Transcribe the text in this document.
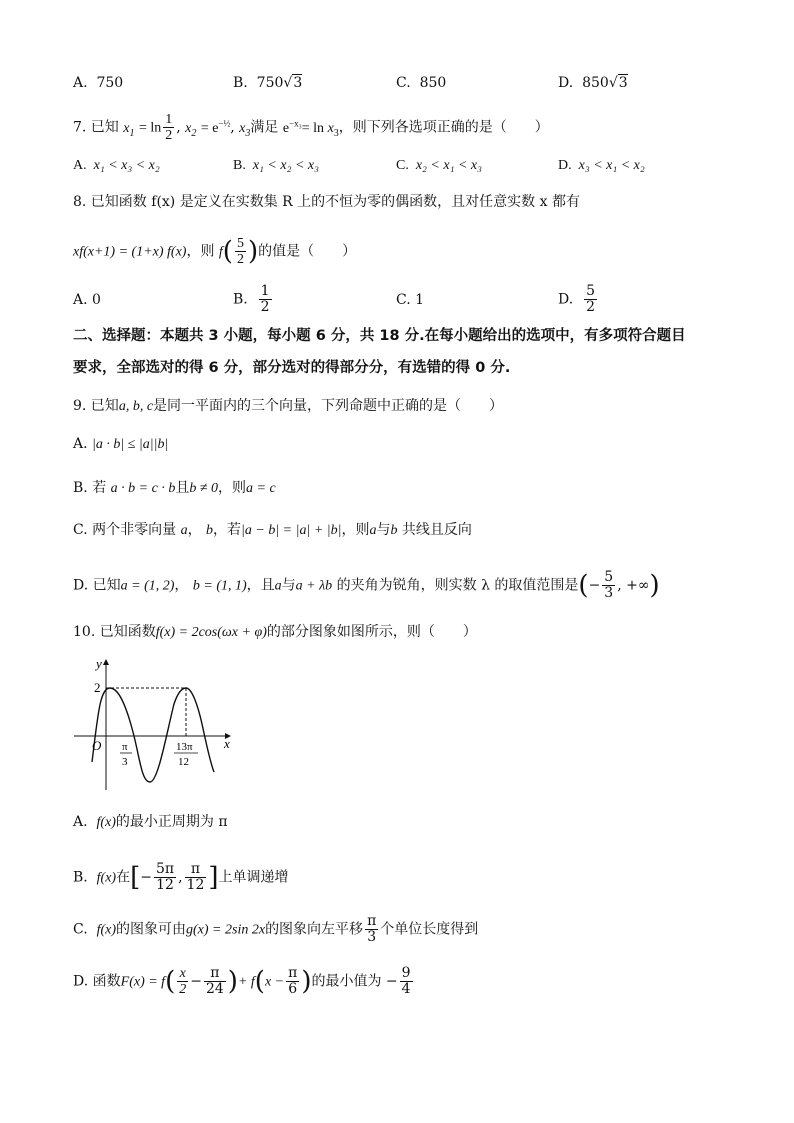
A. 750	B. 750√3	C. 850	D. 850√3
7. 已知 $x_1 = \ln \frac{1}{2}$ , $x_2 = e^{-\frac{1}{2}}$, $x_3$满足 $e^{-x_3}= \ln x_3$，则下列各选项正确的是（　　）
A. x₁ < x₃ < x₂	B. x₁ < x₂ < x₃	C. x₂ < x₁ < x₃	D. x₃ < x₁ < x₂
8. 已知函数 f(x) 是定义在实数集 R 上的不恒为零的偶函数，且对任意实数 x 都有
xf(x+1) = (1+x) f(x)，则 $f( \frac{5}{2}$ )的值是（　　）
A. 0	B. $\frac{1}{2}$	C. 1	D. $\frac{5}{2}$
二、选择题：本题共 3 小题，每小题 6 分，共 18 分.在每小题给出的选项中，有多项符合题目
要求，全部选对的得 6 分，部分选对的得部分分，有选错的得 0 分.
9. 已知a, b, c是同一平面内的三个向量，下列命题中正确的是（　　）
A. |a · b| ≤ |a||b|
B. 若 a · b = c · b且b ≠ 0，则a = c
C. 两个非零向量 a， b，若|a − b| = |a| + |b|，则a与b 共线且反向
D. 已知a = (1, 2)， b = (1, 1)，且a与a + λb 的夹角为锐角，则实数 λ 的取值范围是(− $\frac{5}{3}$ , +∞)
10. 已知函数f(x) = 2cos(ωx + φ)的部分图象如图所示，则（　　）
y
x
O
2
π
3
13π
12
A. f(x)的最小正周期为 π
B. f(x)在[− $\frac{5\pi}{12}$ , $\frac{\pi}{12}$ ]上单调递增
C. f(x)的图象可由g(x) = 2sin 2x的图象向左平移 $\frac{\pi}{3}$ 个单位长度得到
D. 函数$F(x) = f( \frac{x}{2} - \frac{\pi}{24}$ )+ $f(x - \frac{\pi}{6}$ )的最小值为 − $\frac{9}{4}$
